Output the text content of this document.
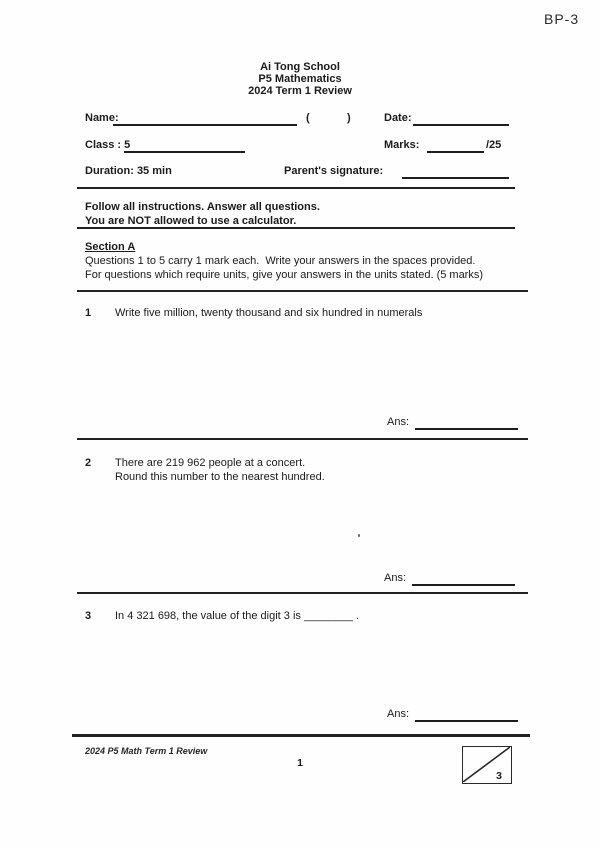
BP-3
Ai Tong School
P5 Mathematics
2024 Term 1 Review
Name:	(	)	Date:
Class : 5	Marks:	/25
Duration: 35 min	Parent's signature:
Follow all instructions. Answer all questions.
You are NOT allowed to use a calculator.
Section A
Questions 1 to 5 carry 1 mark each.  Write your answers in the spaces provided.
For questions which require units, give your answers in the units stated. (5 marks)
1 Write five million, twenty thousand and six hundred in numerals
Ans:
2 There are 219 962 people at a concert.
Round this number to the nearest hundred.
Ans:
3 In 4 321 698, the value of the digit 3 is ________ .
Ans:
2024 P5 Math Term 1 Review
1
3
